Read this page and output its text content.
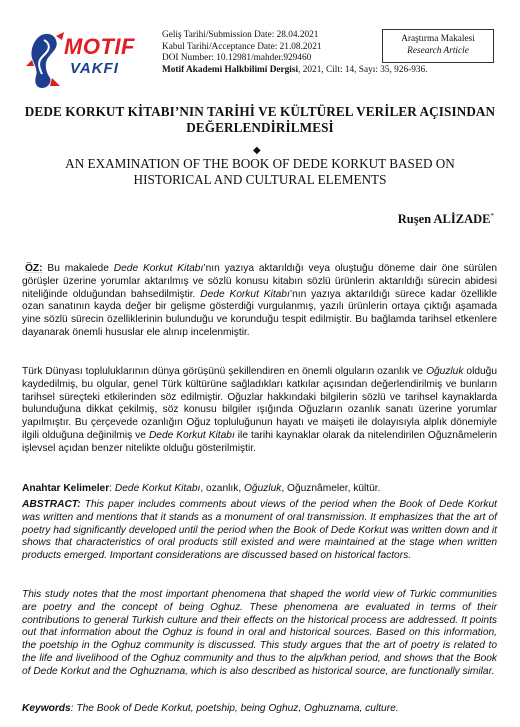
MOTIF
VAKFI
Geliş Tarihi/Submission Date: 28.04.2021
Kabul Tarihi/Acceptance Date: 21.08.2021
DOI Number: 10.12981/mahder.929460
Motif Akademi Halkbilimi Dergisi, 2021, Cilt: 14, Sayı: 35, 926-936.
Araştırma Makalesi
Research Article
DEDE KORKUT KİTABI’NIN TARİHİ VE KÜLTÜREL VERİLER AÇISINDAN
DEĞERLENDİRİLMESİ
◆
AN EXAMINATION OF THE BOOK OF DEDE KORKUT BASED ON
HISTORICAL AND CULTURAL ELEMENTS
Ruşen ALİZADE*
ÖZ: Bu makalede Dede Korkut Kitabı’nın yazıya aktarıldığı veya oluştuğu döneme dair öne sürülen görüşler üzerine yorumlar aktarılmış ve sözlü konusu kitabın sözlü ürünlerin aktarıldığı sürecin abidesi niteliğinde olduğundan bahsedilmiştir. Dede Korkut Kitabı’nın yazıya aktarıldığı sürece kadar özellikle ozan sanatının kayda değer bir gelişme gösterdiği vurgulanmış, yazılı ürünlerin ortaya çıktığı aşamada yine sözlü sürecin özelliklerinin bulunduğu ve korunduğu tespit edilmiştir. Bu bağlamda tarihsel etkenlere dayanarak önemli hususlar ele alınıp incelenmiştir.
Türk Dünyası topluluklarının dünya görüşünü şekillendiren en önemli olguların ozanlık ve Oğuzluk olduğu kaydedilmiş, bu olgular, genel Türk kültürüne sağladıkları katkılar açısından değerlendirilmiş ve bunların tarihsel süreçteki etkilerinden söz edilmiştir. Oğuzlar hakkındaki bilgilerin sözlü ve tarihsel kaynaklarda bulunduğuna dikkat çekilmiş, söz konusu bilgiler ışığında Oğuzların ozanlık sanatı üzerine yorumlar yapılmıştır. Bu çerçevede ozanlığın Oğuz topluluğunun hayatı ve maişeti ile dolayısıyla alplık dönemiyle ilgili olduğuna değinilmiş ve Dede Korkut Kitabı ile tarihi kaynaklar olarak da nitelendirilen Oğuznâmelerin işlevsel açıdan benzer nitelikte olduğu gösterilmiştir.
Anahtar Kelimeler: Dede Korkut Kitabı, ozanlık, Oğuzluk, Oğuznâmeler, kültür.
ABSTRACT: This paper includes comments about views of the period when the Book of Dede Korkut was written and mentions that it stands as a monument of oral transmission. It emphasizes that the art of poetry had significantly developed until the period when the Book of Dede Korkut was written down and it shows that characteristics of oral products still existed and were maintained at the stage when written products emerged. Important considerations are discussed based on historical factors.
This study notes that the most important phenomena that shaped the world view of Turkic communities are poetry and the concept of being Oghuz. These phenomena are evaluated in terms of their contributions to general Turkish culture and their effects on the historical process are addressed. It points out that information about the Oghuz is found in oral and historical sources. Based on this information, the poetship in the Oghuz community is discussed. This study argues that the art of poetry is related to the life and livelihood of the Oghuz community and thus to the alp/khan period, and shows that the Book of Dede Korkut and the Oghuznama, which is also described as historical source, are functionally similar.
Keywords: The Book of Dede Korkut, poetship, being Oghuz, Oghuznama, culture.
